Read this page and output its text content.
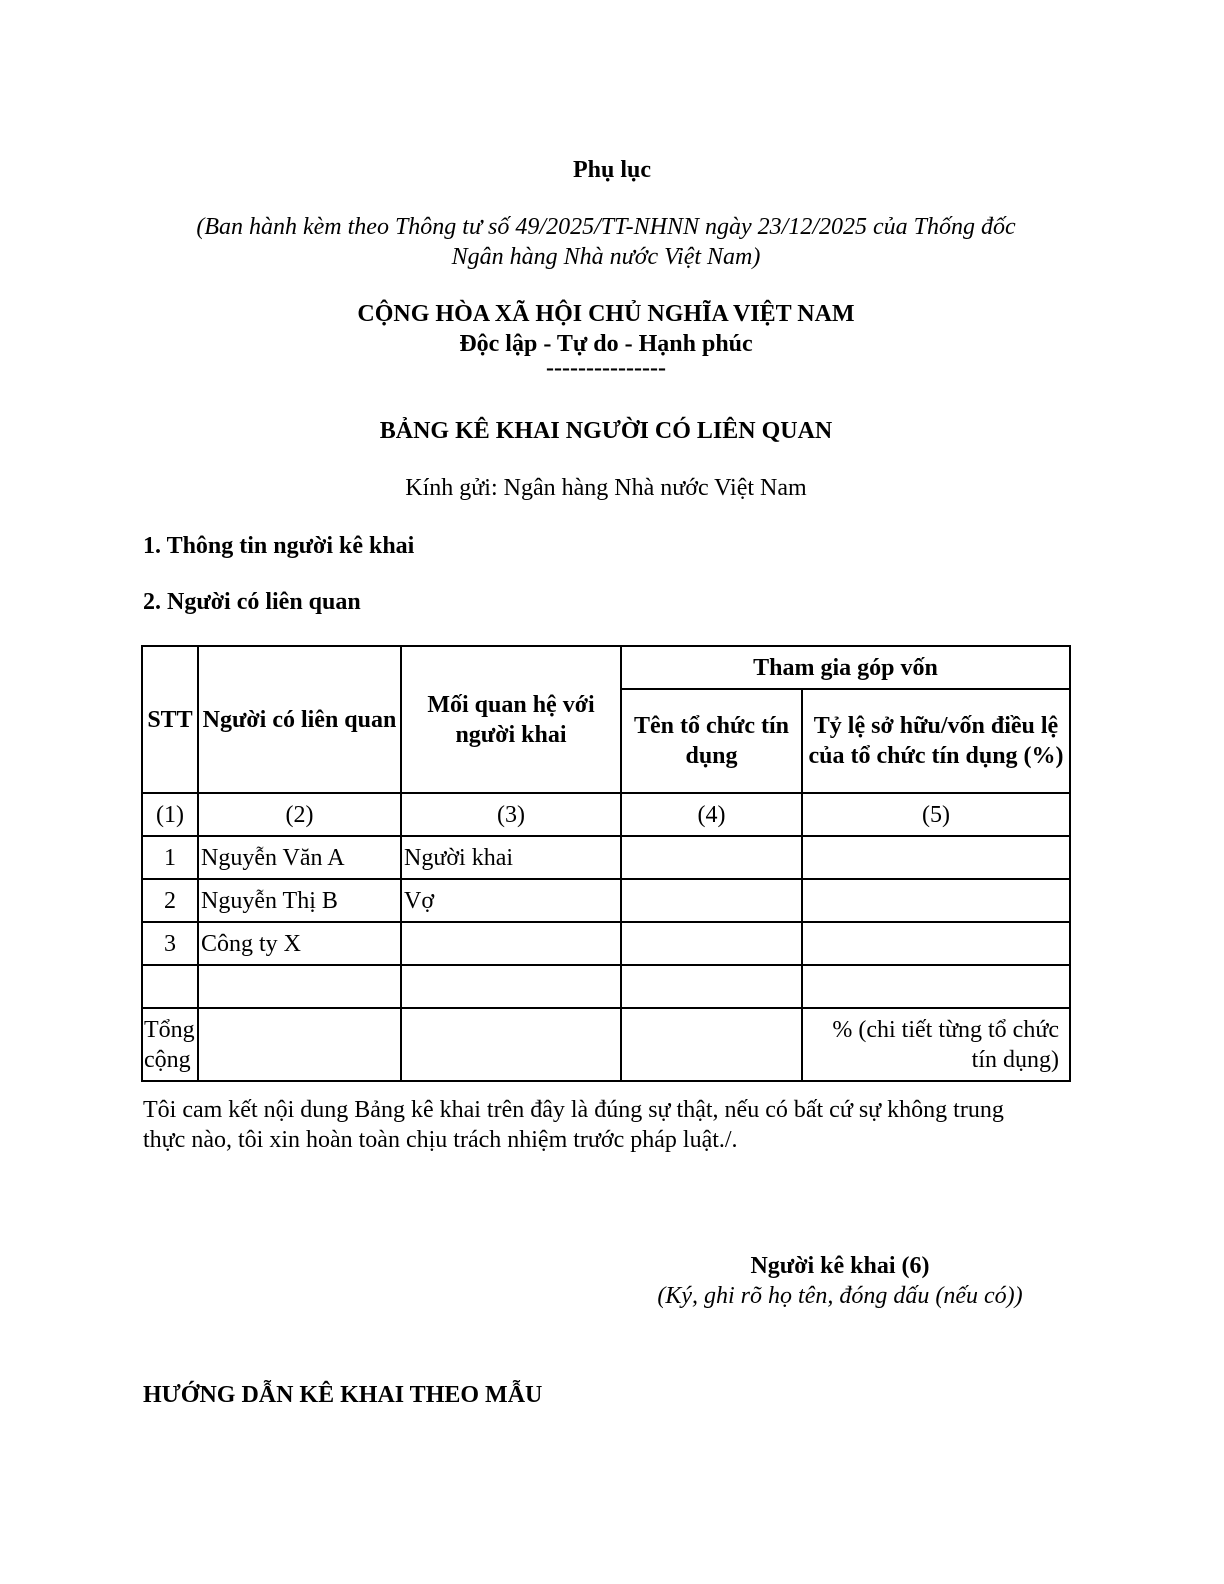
Phụ lục
(Ban hành kèm theo Thông tư số 49/2025/TT-NHNN ngày 23/12/2025 của Thống đốc
Ngân hàng Nhà nước Việt Nam)
CỘNG HÒA XÃ HỘI CHỦ NGHĨA VIỆT NAM
Độc lập - Tự do - Hạnh phúc
---------------
BẢNG KÊ KHAI NGƯỜI CÓ LIÊN QUAN
Kính gửi: Ngân hàng Nhà nước Việt Nam
1. Thông tin người kê khai
2. Người có liên quan
STT	Người có liên quan	Mối quan hệ với người khai	Tham gia góp vốn	
			Tên tổ chức tín dụng	Tỷ lệ sở hữu/vốn điều lệ của tổ chức tín dụng (%)
(1)	(2)	(3)	(4)	(5)
1	Nguyễn Văn A	Người khai		
2	Nguyễn Thị B	Vợ		
3	Công ty X			

Tổng cộng				% (chi tiết từng tổ chức tín dụng)
Tôi cam kết nội dung Bảng kê khai trên đây là đúng sự thật, nếu có bất cứ sự không trung
thực nào, tôi xin hoàn toàn chịu trách nhiệm trước pháp luật./.
Người kê khai (6)
(Ký, ghi rõ họ tên, đóng dấu (nếu có))
HƯỚNG DẪN KÊ KHAI THEO MẪU
